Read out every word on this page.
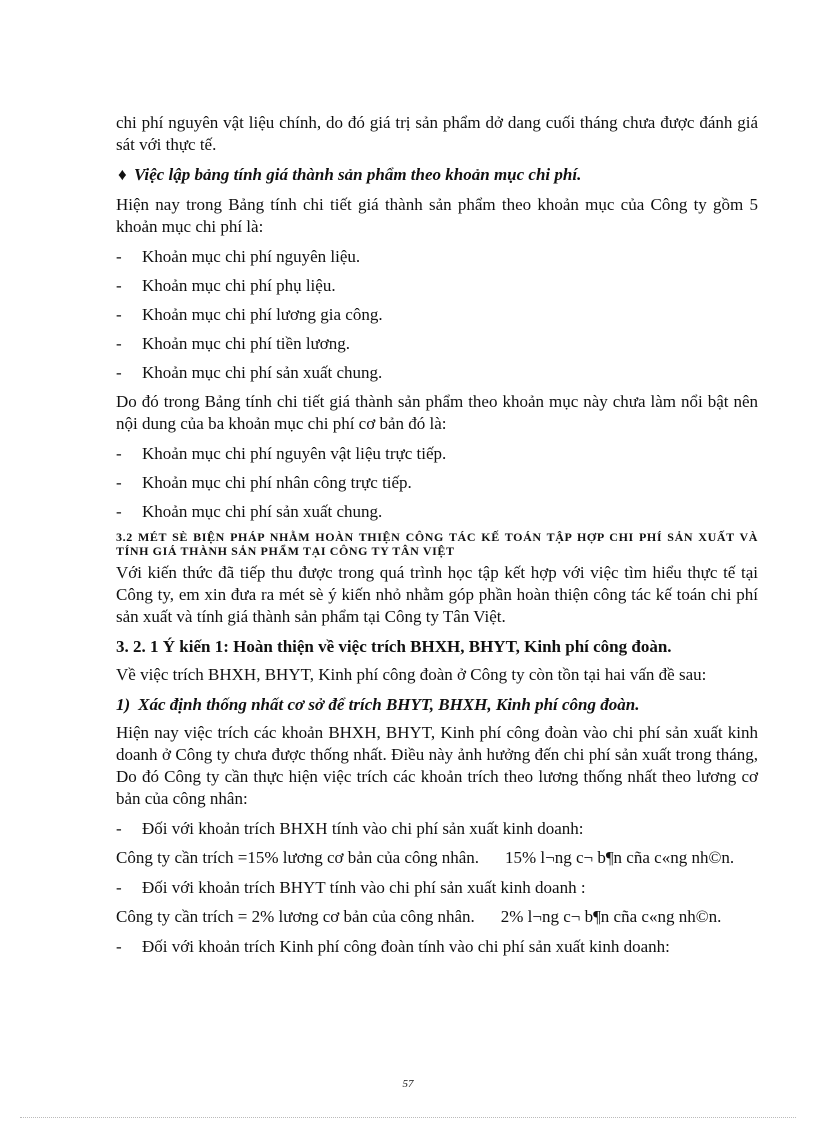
chi phí nguyên vật liệu chính, do đó giá trị sản phẩm dở dang cuối tháng chưa được đánh giá sát với thực tế.

♦ Việc lập bảng tính giá thành sản phẩm theo khoản mục chi phí.

Hiện nay trong Bảng tính chi tiết giá thành sản phẩm theo khoản mục của Công ty gồm 5 khoản mục chi phí là:

-	Khoản mục chi phí nguyên liệu.
-	Khoản mục chi phí phụ liệu.
-	Khoản mục chi phí lương gia công.
-	Khoản mục chi phí tiền lương.
-	Khoản mục chi phí sản xuất chung.

Do đó trong Bảng tính chi tiết giá thành sản phẩm theo khoản mục này chưa làm nổi bật nên nội dung của ba khoản mục chi phí cơ bản đó là:

-	Khoản mục chi phí nguyên vật liệu trực tiếp.
-	Khoản mục chi phí nhân công trực tiếp.
-	Khoản mục chi phí sản xuất chung.

3.2 MÉT SÈ BIỆN PHÁP NHẰM HOÀN THIỆN CÔNG TÁC KẾ TOÁN TẬP HỢP CHI PHÍ SẢN XUẤT VÀ TÍNH GIÁ THÀNH SẢN PHẨM TẠI CÔNG TY TÂN VIỆT

Với kiến thức đã tiếp thu được trong quá trình học tập kết hợp với việc tìm hiểu thực tế tại Công ty, em xin đưa ra mét sè ý kiến nhỏ nhằm góp phần hoàn thiện công tác kế toán chi phí sản xuất và tính giá thành sản phẩm tại Công ty Tân Việt.

3. 2. 1 Ý kiến 1: Hoàn thiện về việc trích BHXH, BHYT, Kinh phí công đoàn.

Về việc trích BHXH, BHYT, Kinh phí công đoàn ở Công ty còn tồn tại hai vấn đề sau:

1) Xác định thống nhất cơ sở để trích BHYT, BHXH, Kinh phí công đoàn.

Hiện nay việc trích các khoản BHXH, BHYT, Kinh phí công đoàn vào chi phí sản xuất kinh doanh ở Công ty chưa được thống nhất. Điều này ảnh hưởng đến chi phí sản xuất trong tháng, Do đó Công ty cần thực hiện việc trích các khoản trích theo lương thống nhất theo lương cơ bản của công nhân:

-	Đối với khoản trích BHXH tính vào chi phí sản xuất kinh doanh:

Công ty cần trích =15% lương cơ bản của công nhân. 15% l¬ng c¬ b¶n cña c«ng nh©n.

-	Đối với khoản trích BHYT tính vào chi phí sản xuất kinh doanh :

Công ty cần trích = 2% lương cơ bản của công nhân. 2% l¬ng c¬ b¶n cña c«ng nh©n.

-	Đối với khoản trích Kinh phí công đoàn tính vào chi phí sản xuất kinh doanh:
57
